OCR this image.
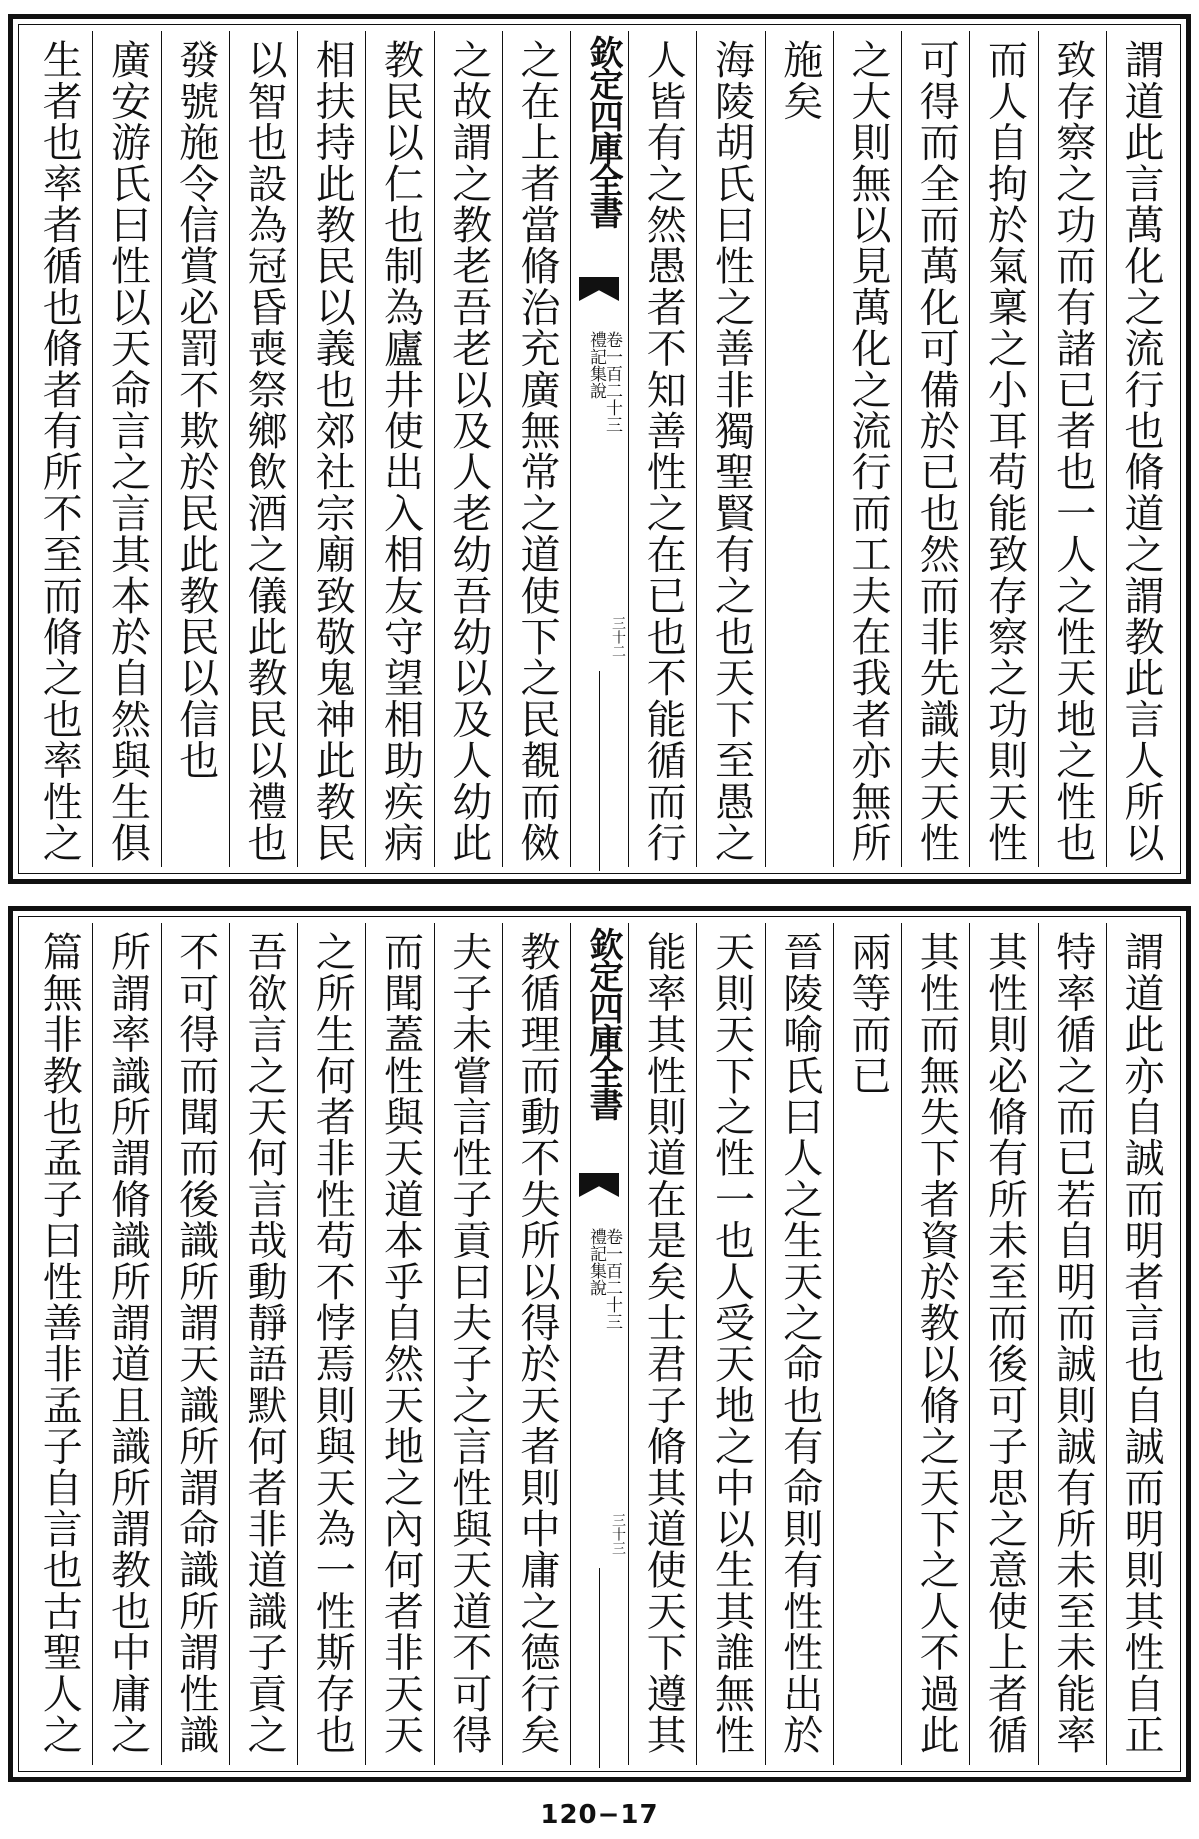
謂道此言萬化之流行也脩道之謂教此言人所以
致存察之功而有諸已者也一人之性天地之性也
而人自拘於氣稟之小耳苟能致存察之功則天性
可得而全而萬化可備於已也然而非先識夫天性
之大則無以見萬化之流行而工夫在我者亦無所
施矣
海陵胡氏曰性之善非獨聖賢有之也天下至愚之
人皆有之然愚者不知善性之在已也不能循而行
欽定四庫全書
禮記集說
卷一百二十三
三十二
之在上者當脩治充廣無常之道使下之民覩而傚
之故謂之教老吾老以及人老幼吾幼以及人幼此
教民以仁也制為廬井使出入相友守望相助疾病
相扶持此教民以義也郊社宗廟致敬鬼神此教民
以智也設為冠昏喪祭鄉飲酒之儀此教民以禮也
發號施令信賞必罰不欺於民此教民以信也
廣安游氏曰性以天命言之言其本於自然與生俱
生者也率者循也脩者有所不至而脩之也率性之
謂道此亦自誠而明者言也自誠而明則其性自正
特率循之而已若自明而誠則誠有所未至未能率
其性則必脩有所未至而後可子思之意使上者循
其性而無失下者資於教以脩之天下之人不過此
兩等而已
晉陵喻氏曰人之生天之命也有命則有性性出於
天則天下之性一也人受天地之中以生其誰無性
能率其性則道在是矣士君子脩其道使天下遵其
欽定四庫全書
禮記集說
卷一百二十三
三十三
教循理而動不失所以得於天者則中庸之德行矣
夫子未嘗言性子貢曰夫子之言性與天道不可得
而聞蓋性與天道本乎自然天地之內何者非天天
之所生何者非性苟不悖焉則與天為一性斯存也
吾欲言之天何言哉動靜語默何者非道識子貢之
不可得而聞而後識所謂天識所謂命識所謂性識
所謂率識所謂脩識所謂道且識所謂教也中庸之
篇無非教也孟子曰性善非孟子自言也古聖人之
120−17
